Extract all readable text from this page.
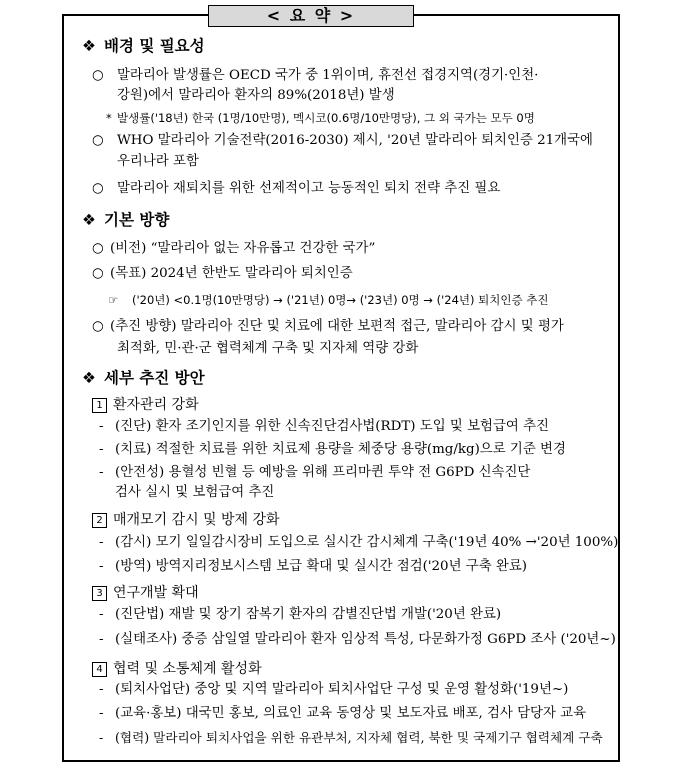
< 요 약 >
❖ 배경 및 필요성
○ 말라리아 발생률은 OECD 국가 중 1위이며, 휴전선 접경지역(경기·인천·
강원)에서 말라리아 환자의 89%(2018년) 발생
* 발생률('18년) 한국 (1명/10만명), 멕시코(0.6명/10만명당), 그 외 국가는 모두 0명
○ WHO 말라리아 기술전략(2016-2030) 제시, '20년 말라리아 퇴치인증 21개국에
우리나라 포함
○ 말라리아 재퇴치를 위한 선제적이고 능동적인 퇴치 전략 추진 필요
❖ 기본 방향
○ (비전) “말라리아 없는 자유롭고 건강한 국가”
○ (목표) 2024년 한반도 말라리아 퇴치인증
☞ ('20년) <0.1명(10만명당) → ('21년) 0명→ ('23년) 0명 → ('24년) 퇴치인증 추진
○ (추진 방향) 말라리아 진단 및 치료에 대한 보편적 접근, 말라리아 감시 및 평가
최적화, 민·관·군 협력체계 구축 및 지자체 역량 강화
❖ 세부 추진 방안
1 환자관리 강화
- (진단) 환자 조기인지를 위한 신속진단검사법(RDT) 도입 및 보험급여 추진
- (치료) 적절한 치료를 위한 치료제 용량을 체중당 용량(mg/kg)으로 기준 변경
- (안전성) 용혈성 빈혈 등 예방을 위해 프리마퀸 투약 전 G6PD 신속진단
검사 실시 및 보험급여 추진
2 매개모기 감시 및 방제 강화
- (감시) 모기 일일감시장비 도입으로 실시간 감시체계 구축('19년 40% →'20년 100%)
- (방역) 방역지리정보시스템 보급 확대 및 실시간 점검('20년 구축 완료)
3 연구개발 확대
- (진단법) 재발 및 장기 잠복기 환자의 감별진단법 개발('20년 완료)
- (실태조사) 중증 삼일열 말라리아 환자 임상적 특성, 다문화가정 G6PD 조사 ('20년~)
4 협력 및 소통체계 활성화
- (퇴치사업단) 중앙 및 지역 말라리아 퇴치사업단 구성 및 운영 활성화('19년~)
- (교육·홍보) 대국민 홍보, 의료인 교육 동영상 및 보도자료 배포, 검사 담당자 교육
- (협력) 말라리아 퇴치사업을 위한 유관부처, 지자체 협력, 북한 및 국제기구 협력체계 구축
